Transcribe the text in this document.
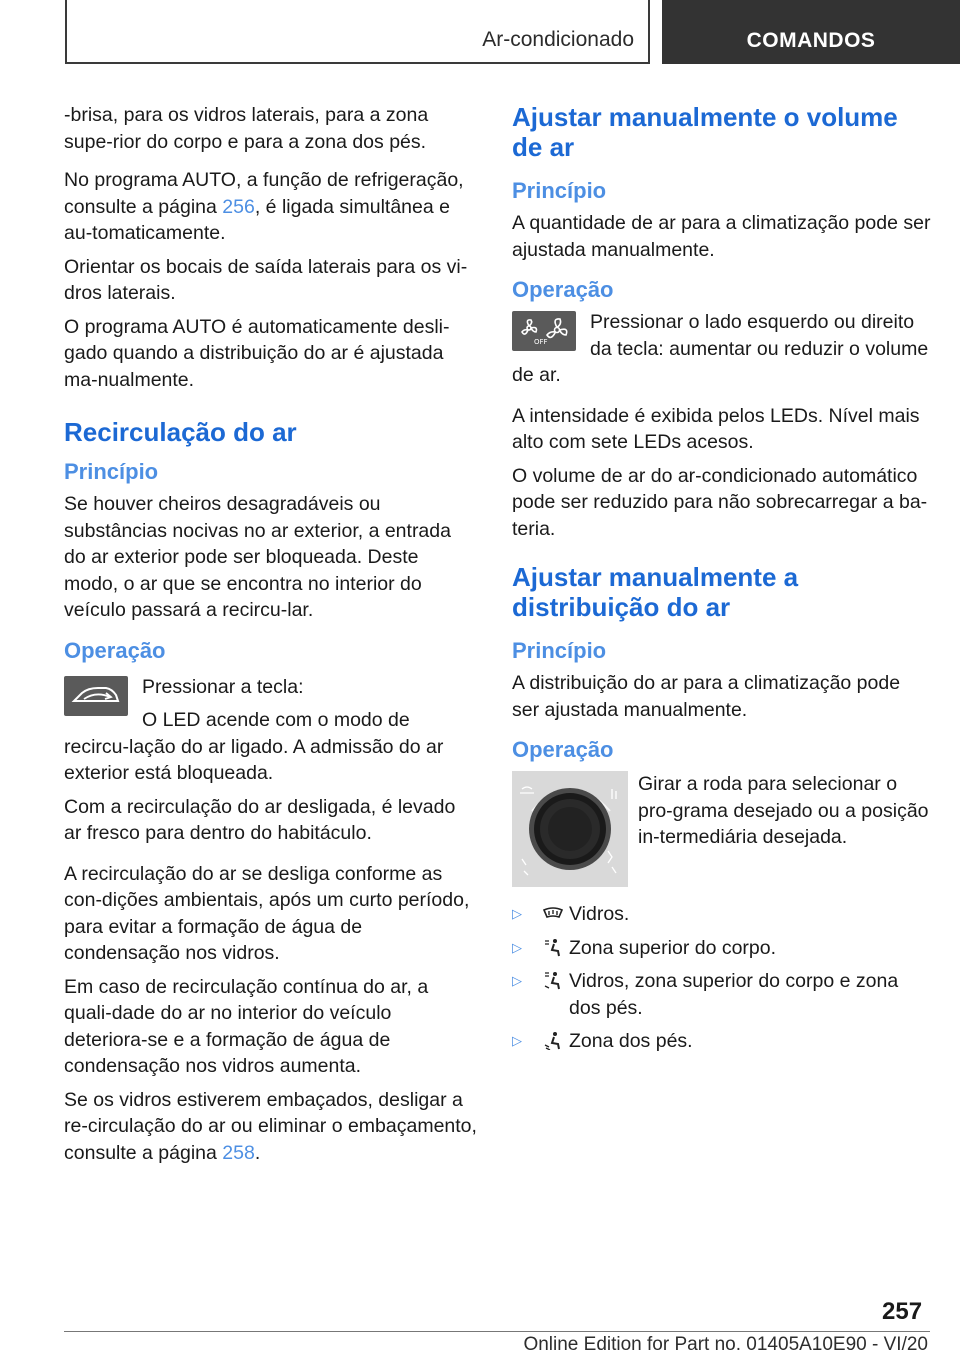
Ar-condicionado	COMANDOS

-brisa, para os vidros laterais, para a zona supe-rior do corpo e para a zona dos pés.

No programa AUTO, a função de refrigeração, consulte a página 256, é ligada simultânea e au-tomaticamente.

Orientar os bocais de saída laterais para os vi-dros laterais.

O programa AUTO é automaticamente desli-gado quando a distribuição do ar é ajustada ma-nualmente.

Recirculação do ar
Princípio

Se houver cheiros desagradáveis ou substâncias nocivas no ar exterior, a entrada do ar exterior pode ser bloqueada. Deste modo, o ar que se encontra no interior do veículo passará a recircu-lar.

Operação

Pressionar a tecla:

O LED acende com o modo de recircu-lação do ar ligado. A admissão do ar exterior está bloqueada.

Com a recirculação do ar desligada, é levado ar fresco para dentro do habitáculo.

A recirculação do ar se desliga conforme as con-dições ambientais, após um curto período, para evitar a formação de água de condensação nos vidros.

Em caso de recirculação contínua do ar, a quali-dade do ar no interior do veículo deteriora-se e a formação de água de condensação nos vidros aumenta.

Se os vidros estiverem embaçados, desligar a re-circulação do ar ou eliminar o embaçamento, consulte a página 258.

Ajustar manualmente o volume de ar
Princípio

A quantidade de ar para a climatização pode ser ajustada manualmente.

Operação
OFF

Pressionar o lado esquerdo ou direito da tecla: aumentar ou reduzir o volume de ar.

A intensidade é exibida pelos LEDs. Nível mais alto com sete LEDs acesos.

O volume de ar do ar-condicionado automático pode ser reduzido para não sobrecarregar a ba-teria.

Ajustar manualmente a distribuição do ar
Princípio

A distribuição do ar para a climatização pode ser ajustada manualmente.

Operação

Girar a roda para selecionar o pro-grama desejado ou a posição in-termediária desejada.

▷ Vidros.
▷ Zona superior do corpo.
▷ Vidros, zona superior do corpo e zona dos pés.
▷ Zona dos pés.
257
Online Edition for Part no. 01405A10E90 - VI/20
